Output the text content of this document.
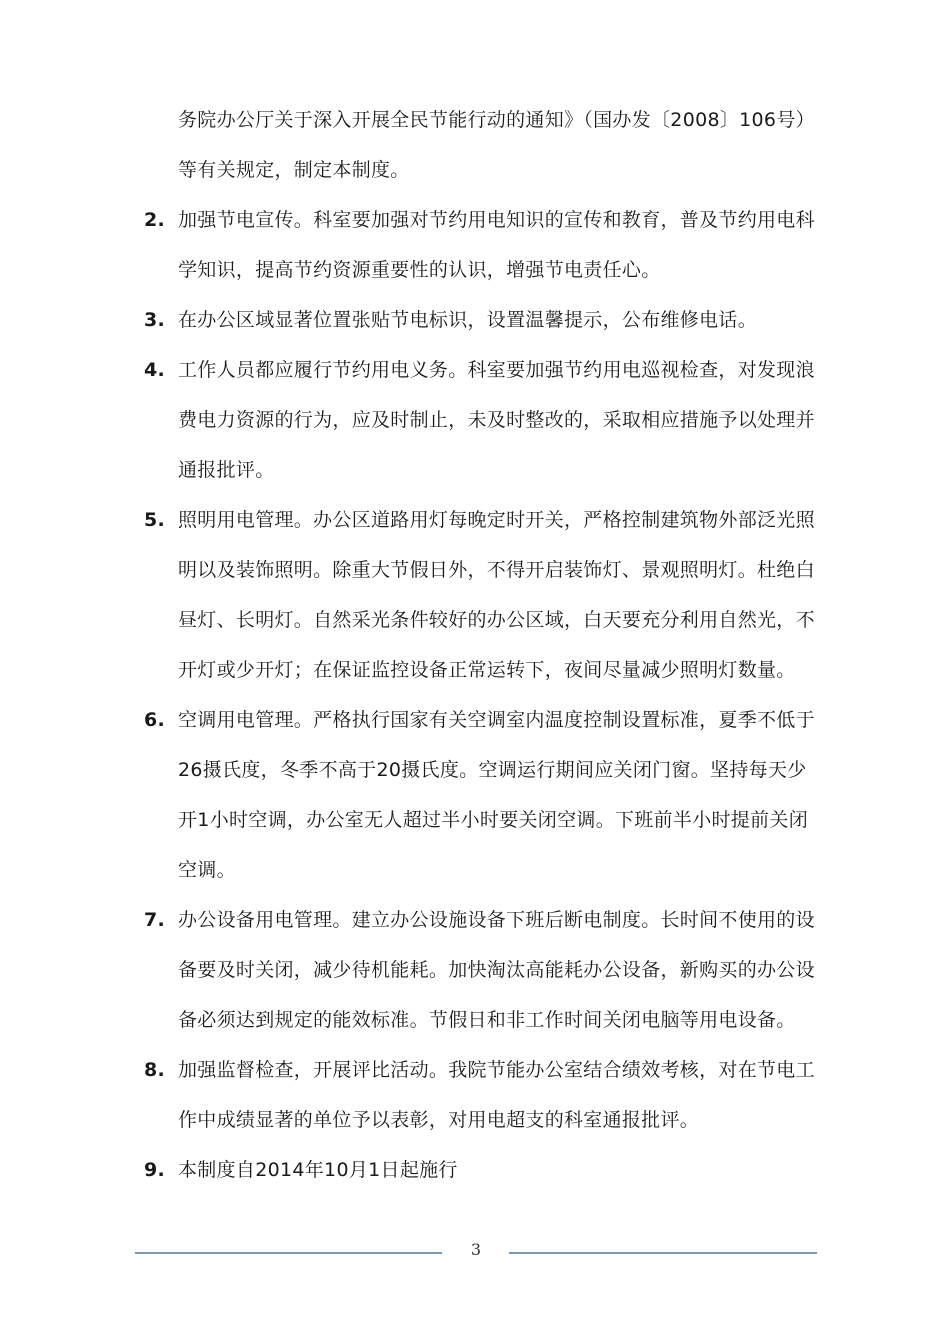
务院办公厅关于深入开展全民节能行动的通知》（国办发〔2008〕106号）等有关规定，制定本制度。
2. 加强节电宣传。科室要加强对节约用电知识的宣传和教育，普及节约用电科学知识，提高节约资源重要性的认识，增强节电责任心。
3. 在办公区域显著位置张贴节电标识，设置温馨提示，公布维修电话。
4. 工作人员都应履行节约用电义务。科室要加强节约用电巡视检查，对发现浪费电力资源的行为，应及时制止，未及时整改的，采取相应措施予以处理并通报批评。
5. 照明用电管理。办公区道路用灯每晚定时开关，严格控制建筑物外部泛光照明以及装饰照明。除重大节假日外，不得开启装饰灯、景观照明灯。杜绝白昼灯、长明灯。自然采光条件较好的办公区域，白天要充分利用自然光，不开灯或少开灯；在保证监控设备正常运转下，夜间尽量减少照明灯数量。
6. 空调用电管理。严格执行国家有关空调室内温度控制设置标准，夏季不低于26摄氏度，冬季不高于20摄氏度。空调运行期间应关闭门窗。坚持每天少开1小时空调，办公室无人超过半小时要关闭空调。下班前半小时提前关闭空调。
7. 办公设备用电管理。建立办公设施设备下班后断电制度。长时间不使用的设备要及时关闭，减少待机能耗。加快淘汰高能耗办公设备，新购买的办公设备必须达到规定的能效标准。节假日和非工作时间关闭电脑等用电设备。
8. 加强监督检查，开展评比活动。我院节能办公室结合绩效考核，对在节电工作中成绩显著的单位予以表彰，对用电超支的科室通报批评。
9. 本制度自2014年10月1日起施行
3
